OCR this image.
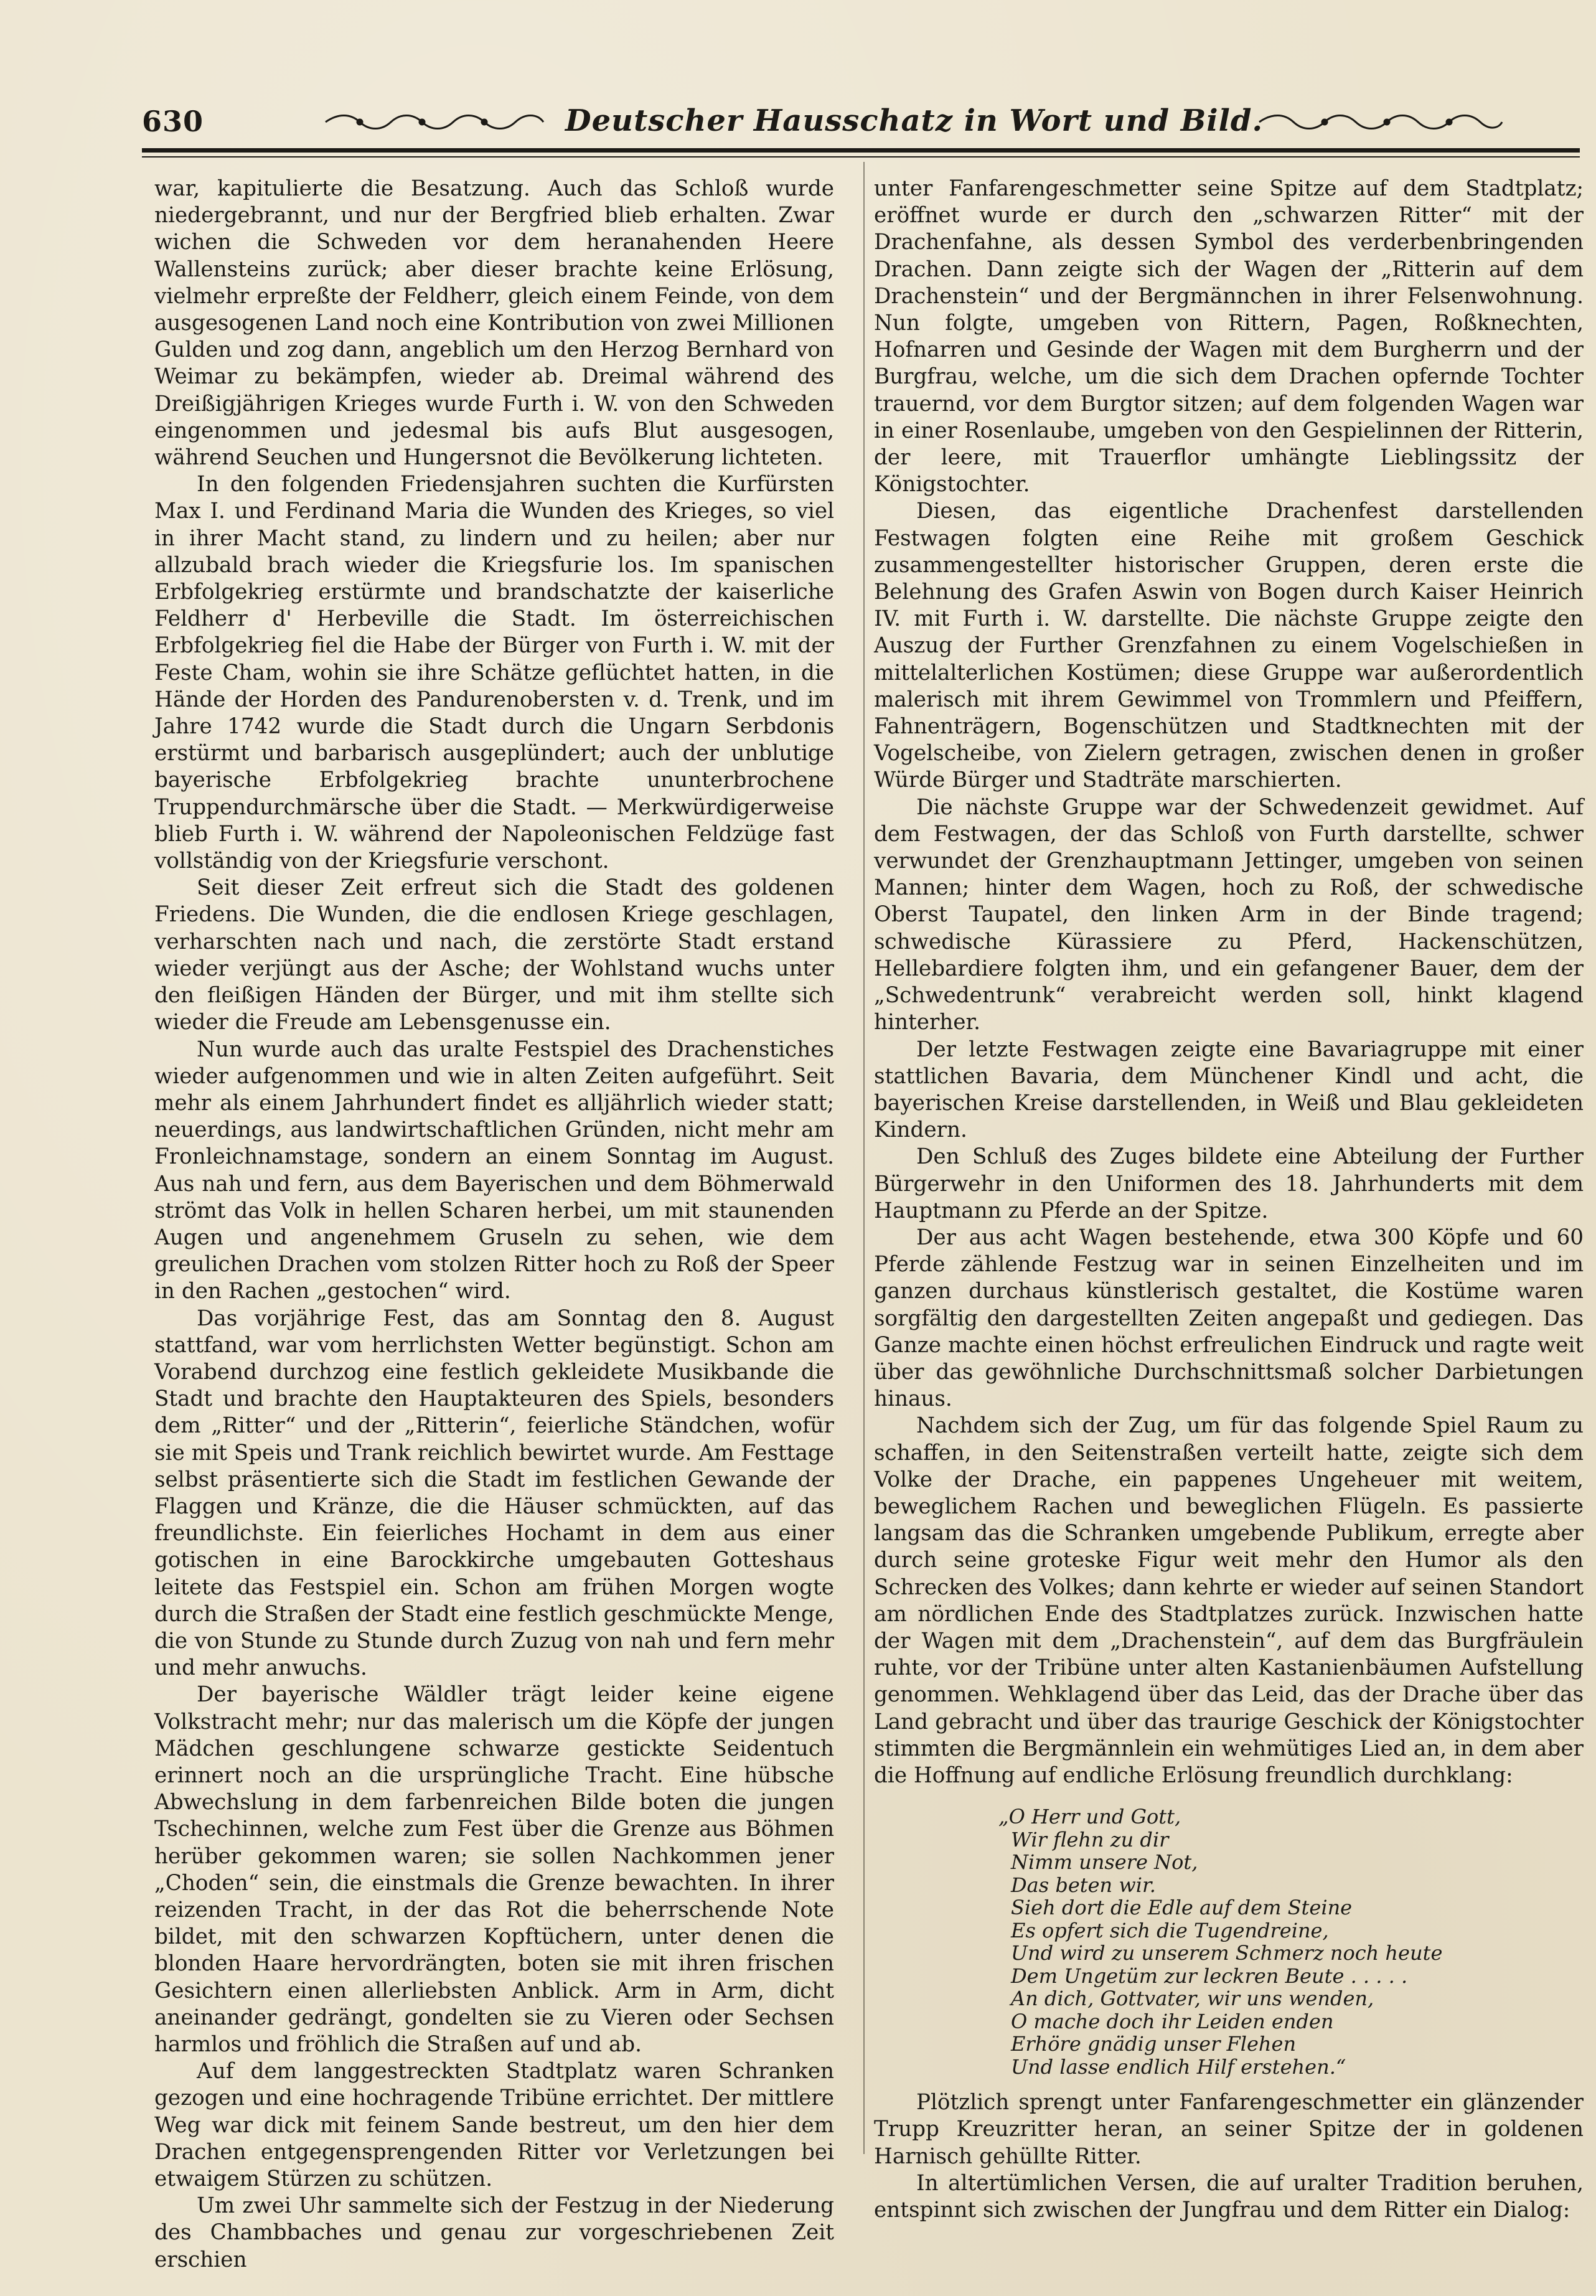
630	Deutscher Hausschatz in Wort und Bild.

war, kapitulierte die Besatzung. Auch das Schloß wurde niedergebrannt, und nur der Bergfried blieb erhalten. Zwar wichen die Schweden vor dem heranahenden Heere Wallensteins zurück; aber dieser brachte keine Erlösung, vielmehr erpreßte der Feldherr, gleich einem Feinde, von dem ausgesogenen Land noch eine Kontribution von zwei Millionen Gulden und zog dann, angeblich um den Herzog Bernhard von Weimar zu bekämpfen, wieder ab. Dreimal während des Dreißigjährigen Krieges wurde Furth i. W. von den Schweden eingenommen und jedesmal bis aufs Blut ausgesogen, während Seuchen und Hungersnot die Bevölkerung lichteten.

In den folgenden Friedensjahren suchten die Kurfürsten Max I. und Ferdinand Maria die Wunden des Krieges, so viel in ihrer Macht stand, zu lindern und zu heilen; aber nur allzubald brach wieder die Kriegsfurie los. Im spanischen Erbfolgekrieg erstürmte und brandschatzte der kaiserliche Feldherr d' Herbeville die Stadt. Im österreichischen Erbfolgekrieg fiel die Habe der Bürger von Furth i. W. mit der Feste Cham, wohin sie ihre Schätze geflüchtet hatten, in die Hände der Horden des Pandurenobersten v. d. Trenk, und im Jahre 1742 wurde die Stadt durch die Ungarn Serbdonis erstürmt und barbarisch ausgeplündert; auch der unblutige bayerische Erbfolgekrieg brachte ununterbrochene Truppendurchmärsche über die Stadt. — Merkwürdigerweise blieb Furth i. W. während der Napoleonischen Feldzüge fast vollständig von der Kriegsfurie verschont.

Seit dieser Zeit erfreut sich die Stadt des goldenen Friedens. Die Wunden, die die endlosen Kriege geschlagen, verharschten nach und nach, die zerstörte Stadt erstand wieder verjüngt aus der Asche; der Wohlstand wuchs unter den fleißigen Händen der Bürger, und mit ihm stellte sich wieder die Freude am Lebensgenusse ein.

Nun wurde auch das uralte Festspiel des Drachenstiches wieder aufgenommen und wie in alten Zeiten aufgeführt. Seit mehr als einem Jahrhundert findet es alljährlich wieder statt; neuerdings, aus landwirtschaftlichen Gründen, nicht mehr am Fronleichnamstage, sondern an einem Sonntag im August. Aus nah und fern, aus dem Bayerischen und dem Böhmerwald strömt das Volk in hellen Scharen herbei, um mit staunenden Augen und angenehmem Gruseln zu sehen, wie dem greulichen Drachen vom stolzen Ritter hoch zu Roß der Speer in den Rachen „gestochen“ wird.

Das vorjährige Fest, das am Sonntag den 8. August stattfand, war vom herrlichsten Wetter begünstigt. Schon am Vorabend durchzog eine festlich gekleidete Musikbande die Stadt und brachte den Hauptakteuren des Spiels, besonders dem „Ritter“ und der „Ritterin“, feierliche Ständchen, wofür sie mit Speis und Trank reichlich bewirtet wurde. Am Festtage selbst präsentierte sich die Stadt im festlichen Gewande der Flaggen und Kränze, die die Häuser schmückten, auf das freundlichste. Ein feierliches Hochamt in dem aus einer gotischen in eine Barockkirche umgebauten Gotteshaus leitete das Festspiel ein. Schon am frühen Morgen wogte durch die Straßen der Stadt eine festlich geschmückte Menge, die von Stunde zu Stunde durch Zuzug von nah und fern mehr und mehr anwuchs.

Der bayerische Wäldler trägt leider keine eigene Volkstracht mehr; nur das malerisch um die Köpfe der jungen Mädchen geschlungene schwarze gestickte Seidentuch erinnert noch an die ursprüngliche Tracht. Eine hübsche Abwechslung in dem farbenreichen Bilde boten die jungen Tschechinnen, welche zum Fest über die Grenze aus Böhmen herüber gekommen waren; sie sollen Nachkommen jener „Choden“ sein, die einstmals die Grenze bewachten. In ihrer reizenden Tracht, in der das Rot die beherrschende Note bildet, mit den schwarzen Kopftüchern, unter denen die blonden Haare hervordrängten, boten sie mit ihren frischen Gesichtern einen allerliebsten Anblick. Arm in Arm, dicht aneinander gedrängt, gondelten sie zu Vieren oder Sechsen harmlos und fröhlich die Straßen auf und ab.

Auf dem langgestreckten Stadtplatz waren Schranken gezogen und eine hochragende Tribüne errichtet. Der mittlere Weg war dick mit feinem Sande bestreut, um den hier dem Drachen entgegensprengenden Ritter vor Verletzungen bei etwaigem Stürzen zu schützen.

Um zwei Uhr sammelte sich der Festzug in der Niederung des Chambbaches und genau zur vorgeschriebenen Zeit erschien

unter Fanfarengeschmetter seine Spitze auf dem Stadtplatz; eröffnet wurde er durch den „schwarzen Ritter“ mit der Drachenfahne, als dessen Symbol des verderbenbringenden Drachen. Dann zeigte sich der Wagen der „Ritterin auf dem Drachenstein“ und der Bergmännchen in ihrer Felsenwohnung. Nun folgte, umgeben von Rittern, Pagen, Roßknechten, Hofnarren und Gesinde der Wagen mit dem Burgherrn und der Burgfrau, welche, um die sich dem Drachen opfernde Tochter trauernd, vor dem Burgtor sitzen; auf dem folgenden Wagen war in einer Rosenlaube, umgeben von den Gespielinnen der Ritterin, der leere, mit Trauerflor umhängte Lieblingssitz der Königstochter.

Diesen, das eigentliche Drachenfest darstellenden Festwagen folgten eine Reihe mit großem Geschick zusammengestellter historischer Gruppen, deren erste die Belehnung des Grafen Aswin von Bogen durch Kaiser Heinrich IV. mit Furth i. W. darstellte. Die nächste Gruppe zeigte den Auszug der Further Grenzfahnen zu einem Vogelschießen in mittelalterlichen Kostümen; diese Gruppe war außerordentlich malerisch mit ihrem Gewimmel von Trommlern und Pfeiffern, Fahnenträgern, Bogenschützen und Stadtknechten mit der Vogelscheibe, von Zielern getragen, zwischen denen in großer Würde Bürger und Stadträte marschierten.

Die nächste Gruppe war der Schwedenzeit gewidmet. Auf dem Festwagen, der das Schloß von Furth darstellte, schwer verwundet der Grenzhauptmann Jettinger, umgeben von seinen Mannen; hinter dem Wagen, hoch zu Roß, der schwedische Oberst Taupatel, den linken Arm in der Binde tragend; schwedische Kürassiere zu Pferd, Hackenschützen, Hellebardiere folgten ihm, und ein gefangener Bauer, dem der „Schwedentrunk“ verabreicht werden soll, hinkt klagend hinterher.

Der letzte Festwagen zeigte eine Bavariagruppe mit einer stattlichen Bavaria, dem Münchener Kindl und acht, die bayerischen Kreise darstellenden, in Weiß und Blau gekleideten Kindern.

Den Schluß des Zuges bildete eine Abteilung der Further Bürgerwehr in den Uniformen des 18. Jahrhunderts mit dem Hauptmann zu Pferde an der Spitze.

Der aus acht Wagen bestehende, etwa 300 Köpfe und 60 Pferde zählende Festzug war in seinen Einzelheiten und im ganzen durchaus künstlerisch gestaltet, die Kostüme waren sorgfältig den dargestellten Zeiten angepaßt und gediegen. Das Ganze machte einen höchst erfreulichen Eindruck und ragte weit über das gewöhnliche Durchschnittsmaß solcher Darbietungen hinaus.

Nachdem sich der Zug, um für das folgende Spiel Raum zu schaffen, in den Seitenstraßen verteilt hatte, zeigte sich dem Volke der Drache, ein pappenes Ungeheuer mit weitem, beweglichem Rachen und beweglichen Flügeln. Es passierte langsam das die Schranken umgebende Publikum, erregte aber durch seine groteske Figur weit mehr den Humor als den Schrecken des Volkes; dann kehrte er wieder auf seinen Standort am nördlichen Ende des Stadtplatzes zurück. Inzwischen hatte der Wagen mit dem „Drachenstein“, auf dem das Burgfräulein ruhte, vor der Tribüne unter alten Kastanienbäumen Aufstellung genommen. Wehklagend über das Leid, das der Drache über das Land gebracht und über das traurige Geschick der Königstochter stimmten die Bergmännlein ein wehmütiges Lied an, in dem aber die Hoffnung auf endliche Erlösung freundlich durchklang:

„O Herr und Gott,
Wir flehn zu dir
Nimm unsere Not,
Das beten wir.
Sieh dort die Edle auf dem Steine
Es opfert sich die Tugendreine,
Und wird zu unserem Schmerz noch heute
Dem Ungetüm zur leckren Beute . . . . .
An dich, Gottvater, wir uns wenden,
O mache doch ihr Leiden enden
Erhöre gnädig unser Flehen
Und lasse endlich Hilf erstehen.“

Plötzlich sprengt unter Fanfarengeschmetter ein glänzender Trupp Kreuzritter heran, an seiner Spitze der in goldenen Harnisch gehüllte Ritter.

In altertümlichen Versen, die auf uralter Tradition beruhen, entspinnt sich zwischen der Jungfrau und dem Ritter ein Dialog:
